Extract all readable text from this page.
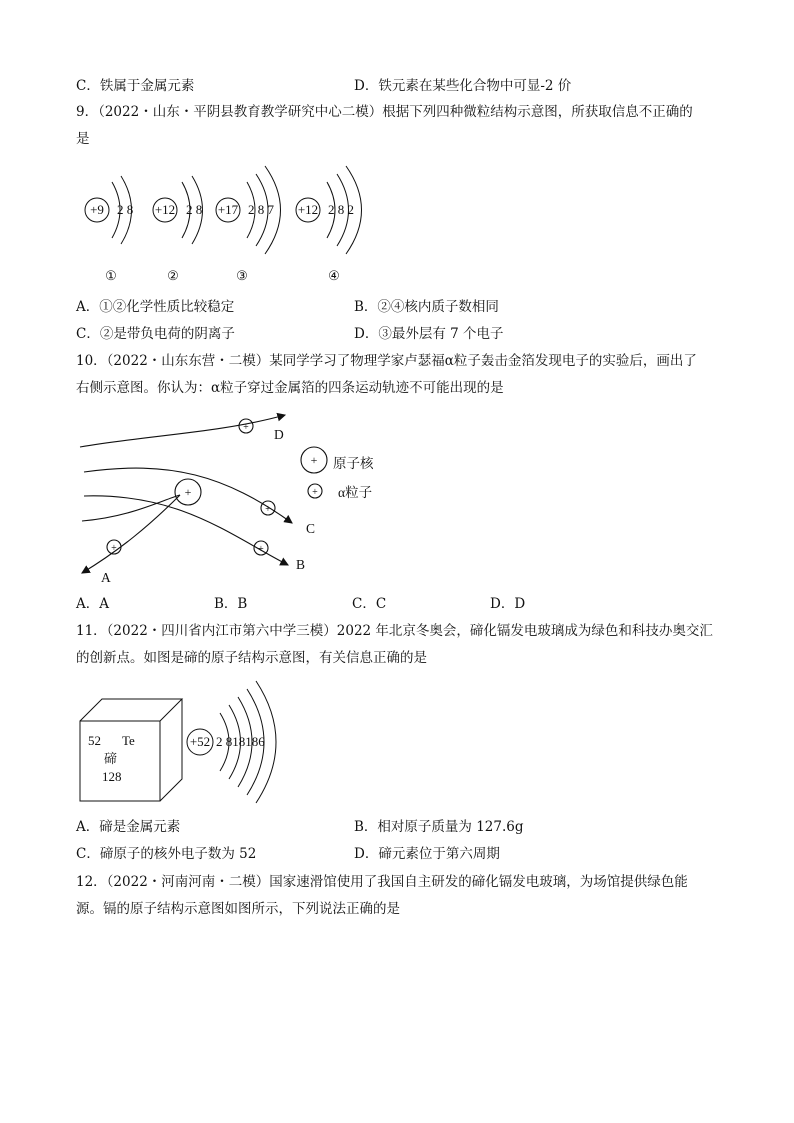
C．铁属于金属元素	D．铁元素在某些化合物中可显-2 价
9．（2022・山东・平阴县教育教学研究中心二模）根据下列四种微粒结构示意图，所获取信息不正确的
是
+9 2 8 +12 2 8 +17 2 8 7 +12 2 8 2
①	②	③	④
A．①②化学性质比较稳定	B．②④核内质子数相同
C．②是带负电荷的阴离子	D．③最外层有 7 个电子
10．（2022・山东东营・二模）某同学学习了物理学家卢瑟福α粒子轰击金箔发现电子的实验后，画出了
右侧示意图。你认为：α粒子穿过金属箔的四条运动轨迹不可能出现的是
+
+
+
+
+
+
+
D
C
B
A
原子核
α粒子
A．A	B．B	C．C	D．D
11．（2022・四川省内江市第六中学三模）2022 年北京冬奥会，碲化镉发电玻璃成为绿色和科技办奥交汇
的创新点。如图是碲的原子结构示意图，有关信息正确的是
52 Te
碲
128
+52 2 818186
A．碲是金属元素	B．相对原子质量为 127.6g
C．碲原子的核外电子数为 52	D．碲元素位于第六周期
12．（2022・河南河南・二模）国家速滑馆使用了我国自主研发的碲化镉发电玻璃，为场馆提供绿色能
源。镉的原子结构示意图如图所示，下列说法正确的是
